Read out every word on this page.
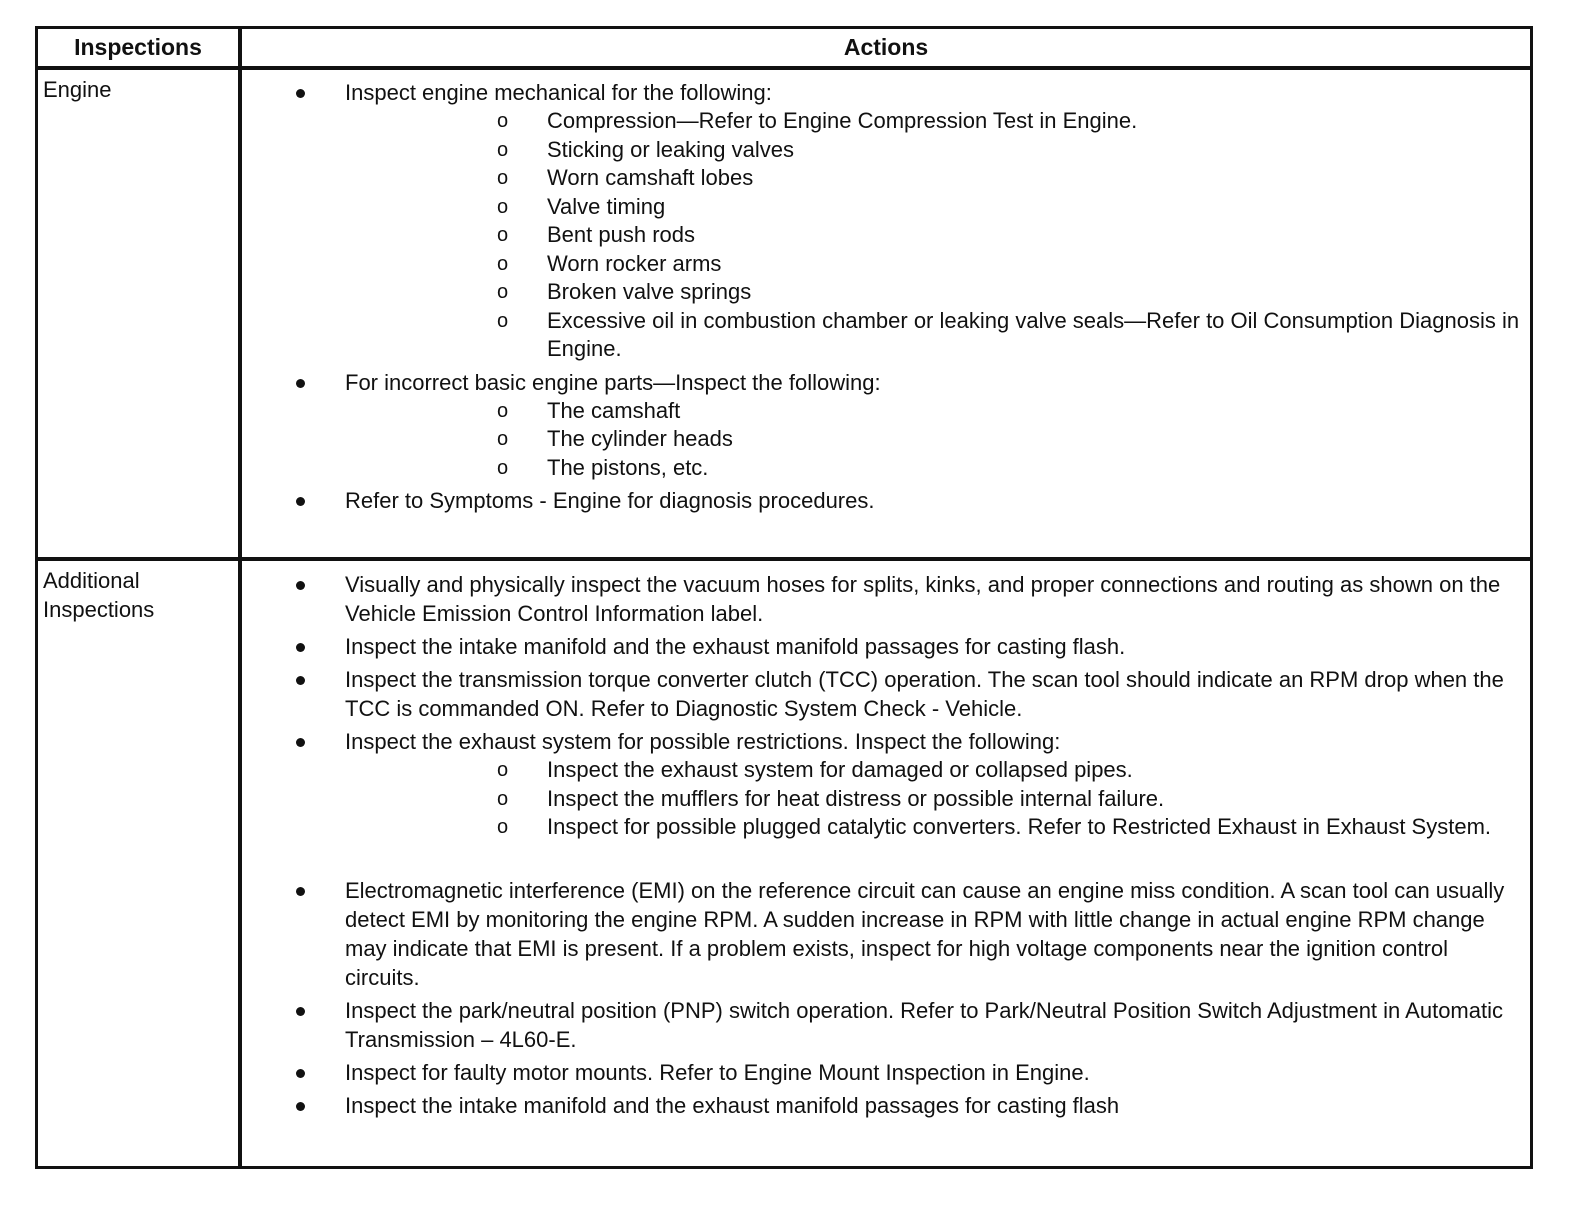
Inspections	Actions
Engine	Inspect engine mechanical for the following:
o Compression—Refer to Engine Compression Test in Engine.
o Sticking or leaking valves
o Worn camshaft lobes
o Valve timing
o Bent push rods
o Worn rocker arms
o Broken valve springs
o Excessive oil in combustion chamber or leaking valve seals—Refer to Oil Consumption Diagnosis in Engine.
For incorrect basic engine parts—Inspect the following:
o The camshaft
o The cylinder heads
o The pistons, etc.
Refer to Symptoms - Engine for diagnosis procedures.
Additional Inspections
Visually and physically inspect the vacuum hoses for splits, kinks, and proper connections and routing as shown on the Vehicle Emission Control Information label.
Inspect the intake manifold and the exhaust manifold passages for casting flash.
Inspect the transmission torque converter clutch (TCC) operation. The scan tool should indicate an RPM drop when the TCC is commanded ON. Refer to Diagnostic System Check - Vehicle.
Inspect the exhaust system for possible restrictions. Inspect the following:
o Inspect the exhaust system for damaged or collapsed pipes.
o Inspect the mufflers for heat distress or possible internal failure.
o Inspect for possible plugged catalytic converters. Refer to Restricted Exhaust in Exhaust System.
Electromagnetic interference (EMI) on the reference circuit can cause an engine miss condition. A scan tool can usually detect EMI by monitoring the engine RPM. A sudden increase in RPM with little change in actual engine RPM change may indicate that EMI is present. If a problem exists, inspect for high voltage components near the ignition control circuits.
Inspect the park/neutral position (PNP) switch operation. Refer to Park/Neutral Position Switch Adjustment in Automatic Transmission – 4L60-E.
Inspect for faulty motor mounts. Refer to Engine Mount Inspection in Engine.
Inspect the intake manifold and the exhaust manifold passages for casting flash
